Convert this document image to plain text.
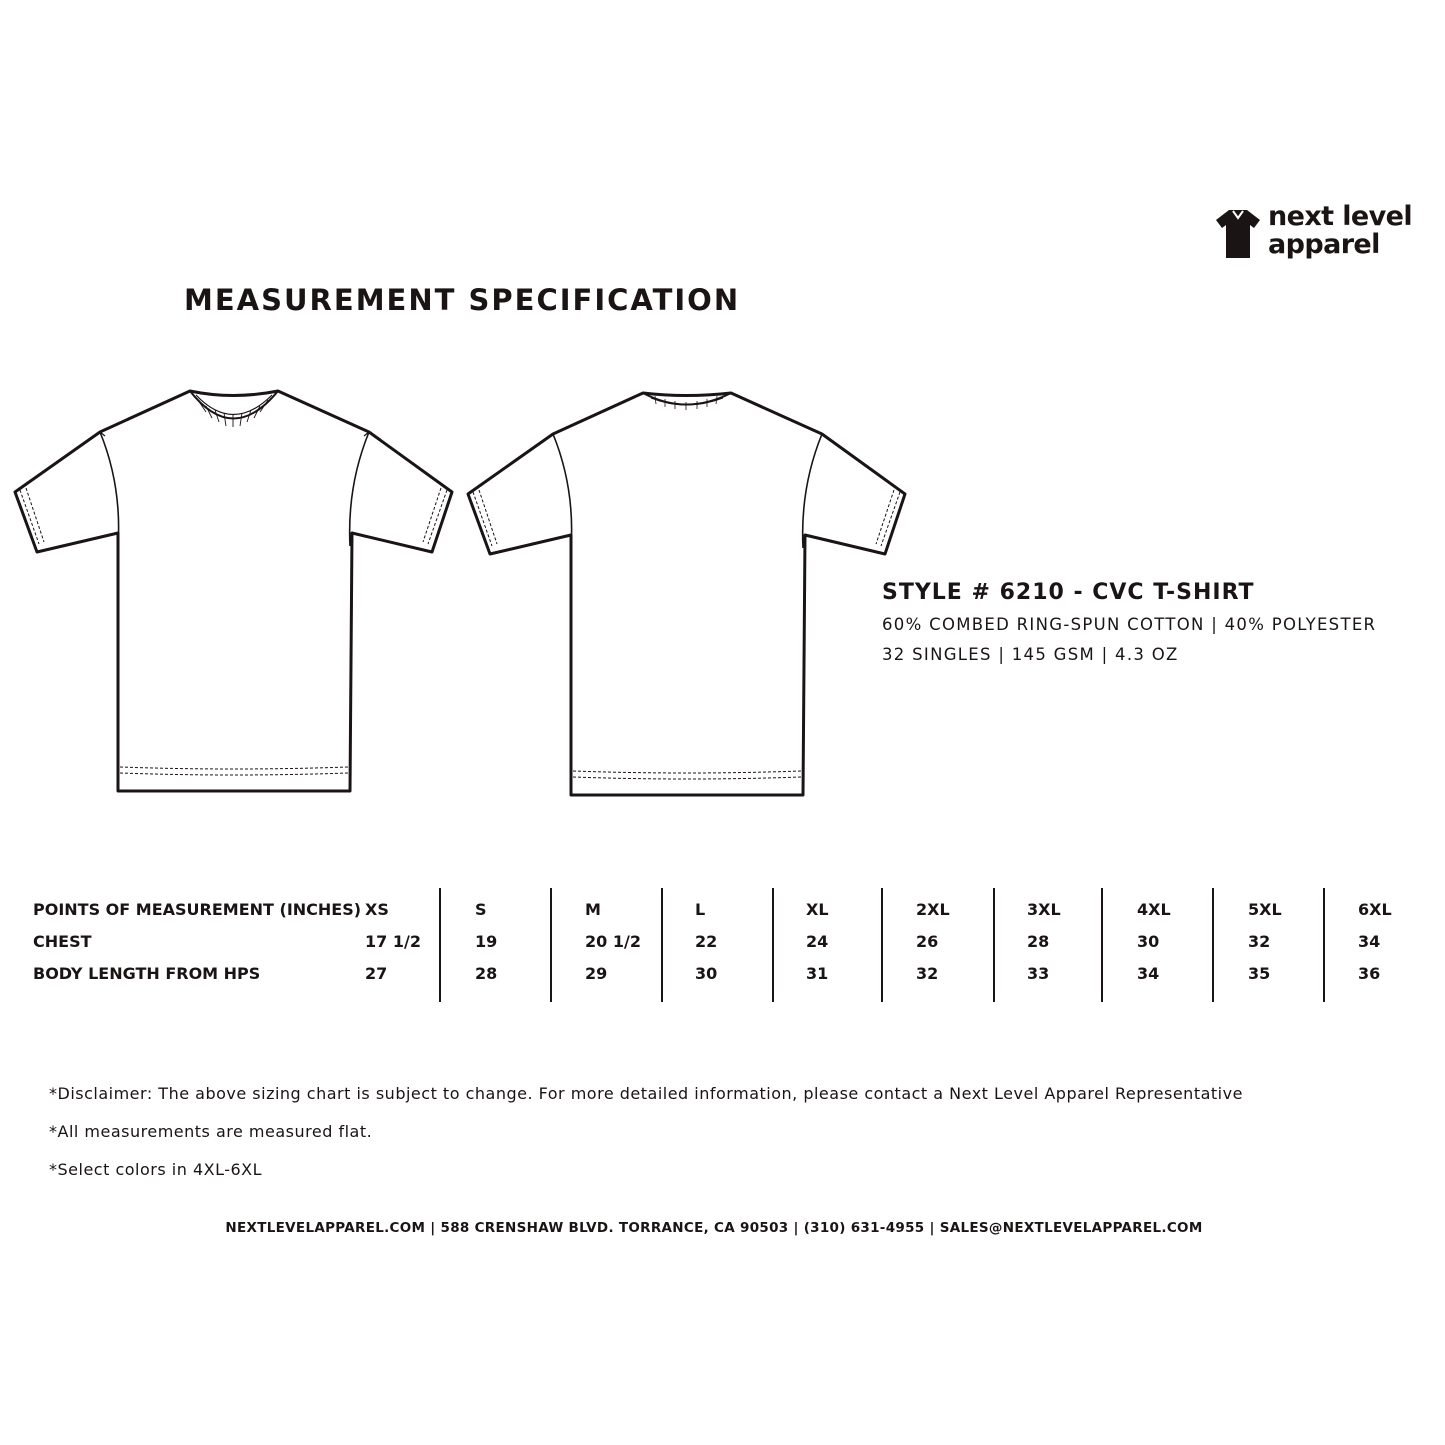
next level
apparel
MEASUREMENT SPECIFICATION
STYLE # 6210 - CVC T-SHIRT
60% COMBED RING-SPUN COTTON | 40% POLYESTER
32 SINGLES | 145 GSM | 4.3 OZ
POINTS OF MEASUREMENT (INCHES) XS	S	M	L	XL	2XL	3XL	4XL	5XL	6XL
CHEST	17 1/2	19	20 1/2	22	24	26	28	30	32	34
BODY LENGTH FROM HPS	27	28	29	30	31	32	33	34	35	36
*Disclaimer: The above sizing chart is subject to change. For more detailed information, please contact a Next Level Apparel Representative
*All measurements are measured flat.
*Select colors in 4XL-6XL
NEXTLEVELAPPAREL.COM | 588 CRENSHAW BLVD. TORRANCE, CA 90503 | (310) 631-4955 | SALES@NEXTLEVELAPPAREL.COM
